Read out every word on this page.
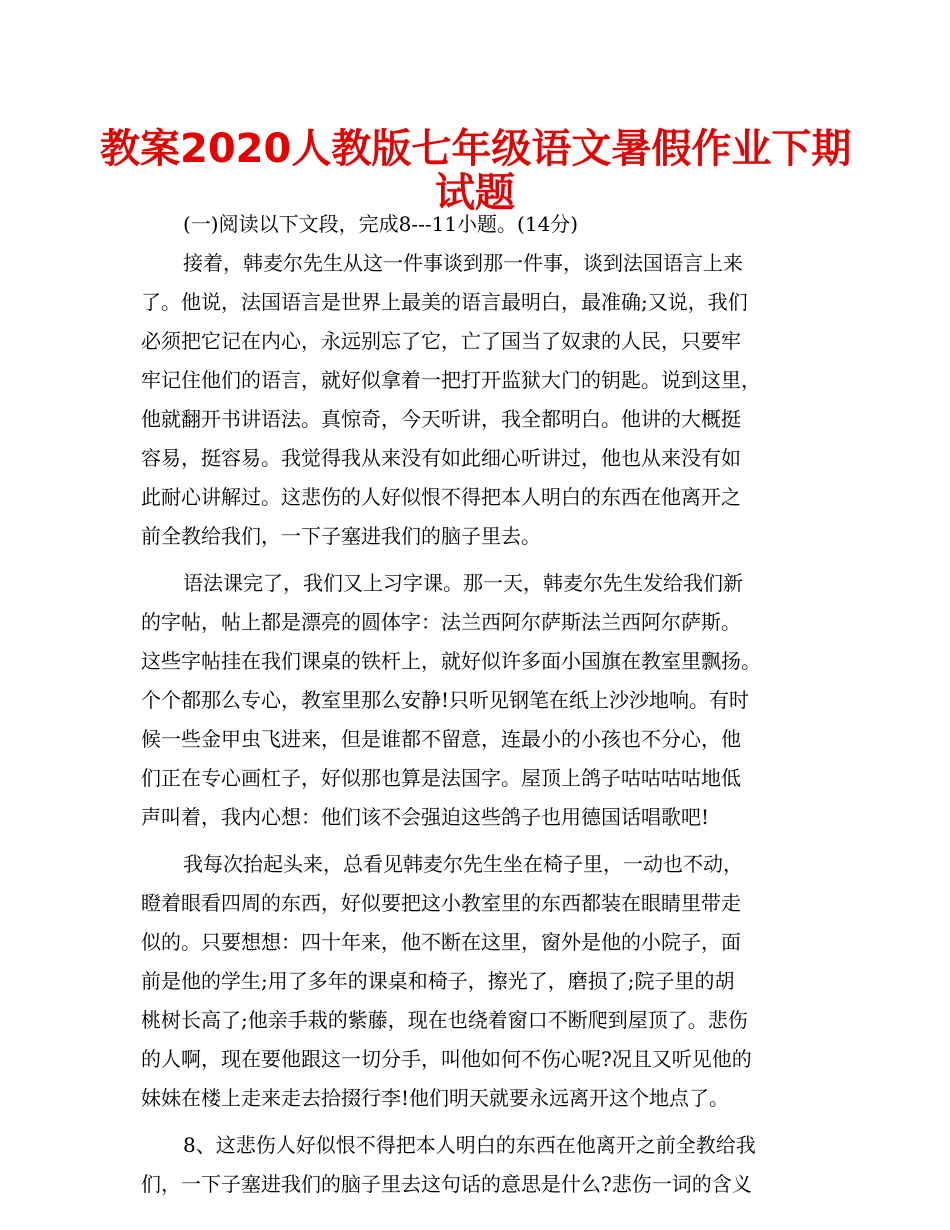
教案2020人教版七年级语文暑假作业下期
试题
(一)阅读以下文段，完成8---11小题。(14分)
接着，韩麦尔先生从这一件事谈到那一件事，谈到法国语言上来
了。他说，法国语言是世界上最美的语言最明白，最准确;又说，我们
必须把它记在内心，永远别忘了它，亡了国当了奴隶的人民，只要牢
牢记住他们的语言，就好似拿着一把打开监狱大门的钥匙。说到这里，
他就翻开书讲语法。真惊奇，今天听讲，我全都明白。他讲的大概挺
容易，挺容易。我觉得我从来没有如此细心听讲过，他也从来没有如
此耐心讲解过。这悲伤的人好似恨不得把本人明白的东西在他离开之
前全教给我们，一下子塞进我们的脑子里去。
语法课完了，我们又上习字课。那一天，韩麦尔先生发给我们新
的字帖，帖上都是漂亮的圆体字：法兰西阿尔萨斯法兰西阿尔萨斯。
这些字帖挂在我们课桌的铁杆上，就好似许多面小国旗在教室里飘扬。
个个都那么专心，教室里那么安静!只听见钢笔在纸上沙沙地响。有时
候一些金甲虫飞进来，但是谁都不留意，连最小的小孩也不分心，他
们正在专心画杠子，好似那也算是法国字。屋顶上鸽子咕咕咕咕地低
声叫着，我内心想：他们该不会强迫这些鸽子也用德国话唱歌吧!
我每次抬起头来，总看见韩麦尔先生坐在椅子里，一动也不动，
瞪着眼看四周的东西，好似要把这小教室里的东西都装在眼睛里带走
似的。只要想想：四十年来，他不断在这里，窗外是他的小院子，面
前是他的学生;用了多年的课桌和椅子，擦光了，磨损了;院子里的胡
桃树长高了;他亲手栽的紫藤，现在也绕着窗口不断爬到屋顶了。悲伤
的人啊，现在要他跟这一切分手，叫他如何不伤心呢?况且又听见他的
妹妹在楼上走来走去拾掇行李!他们明天就要永远离开这个地点了。
8、这悲伤人好似恨不得把本人明白的东西在他离开之前全教给我
们，一下子塞进我们的脑子里去这句话的意思是什么?悲伤一词的含义
